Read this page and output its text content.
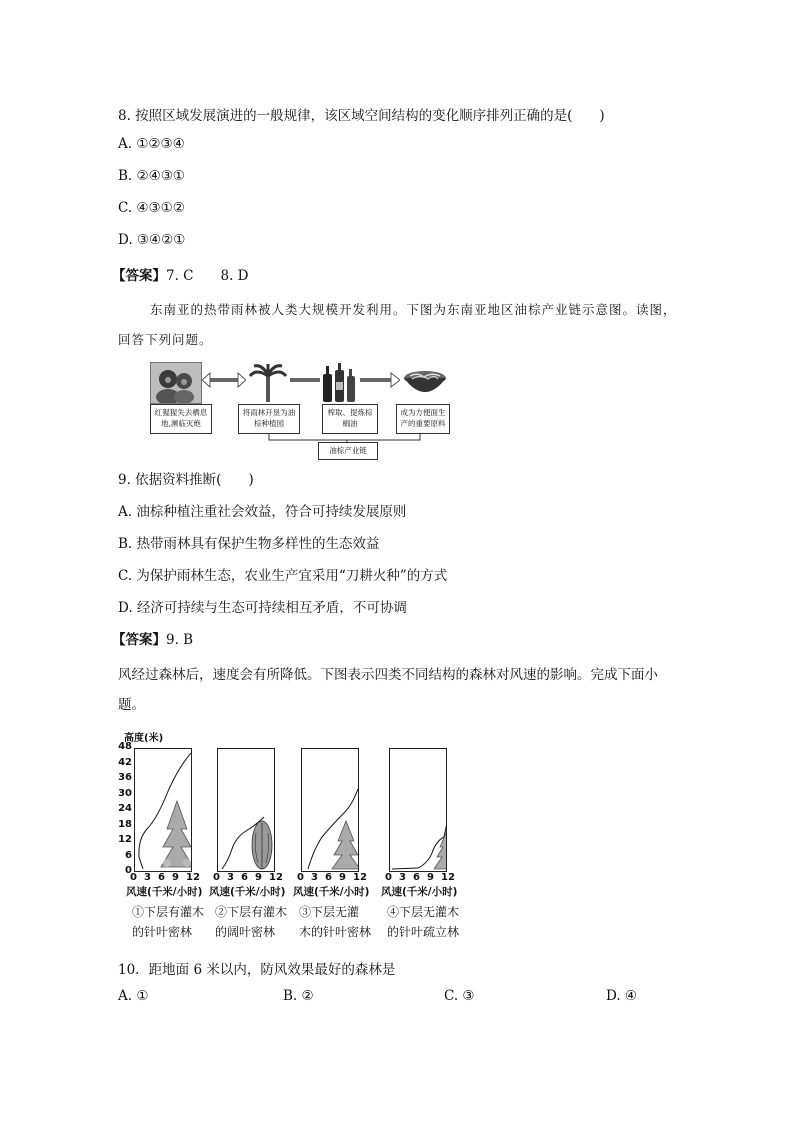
8. 按照区域发展演进的一般规律，该区域空间结构的变化顺序排列正确的是(　　)
A. ①②③④
B. ②④③①
C. ④③①②
D. ③④②①
【答案】7. C　　8. D
东南亚的热带雨林被人类大规模开发利用。下图为东南亚地区油棕产业链示意图。读图，
回答下列问题。
红猩猩失去栖息地,濒临灭绝
将雨林开垦为油棕种植园
榨取、提炼棕榈油
成为方便面生产的重要原料
油棕产业链
9. 依据资料推断(　　)
A. 油棕种植注重社会效益，符合可持续发展原则
B. 热带雨林具有保护生物多样性的生态效益
C. 为保护雨林生态，农业生产宜采用“刀耕火种”的方式
D. 经济可持续与生态可持续相互矛盾，不可协调
【答案】9. B
风经过森林后，速度会有所降低。下图表示四类不同结构的森林对风速的影响。完成下面小
题。
高度(米)
48
42
36
30
24
18
12
6
0
0 3 6 9 12 0 3 6 9 12 0 3 6 9 12 0 3 6 9 12
风速(千米/小时) 风速(千米/小时) 风速(千米/小时) 风速(千米/小时)
①下层有灌木
的针叶密林
②下层有灌木
的阔叶密林
③下层无灌
木的针叶密林
④下层无灌木
的针叶疏立林
10．距地面 6 米以内，防风效果最好的森林是
A. ①	B. ②	C. ③	D. ④
